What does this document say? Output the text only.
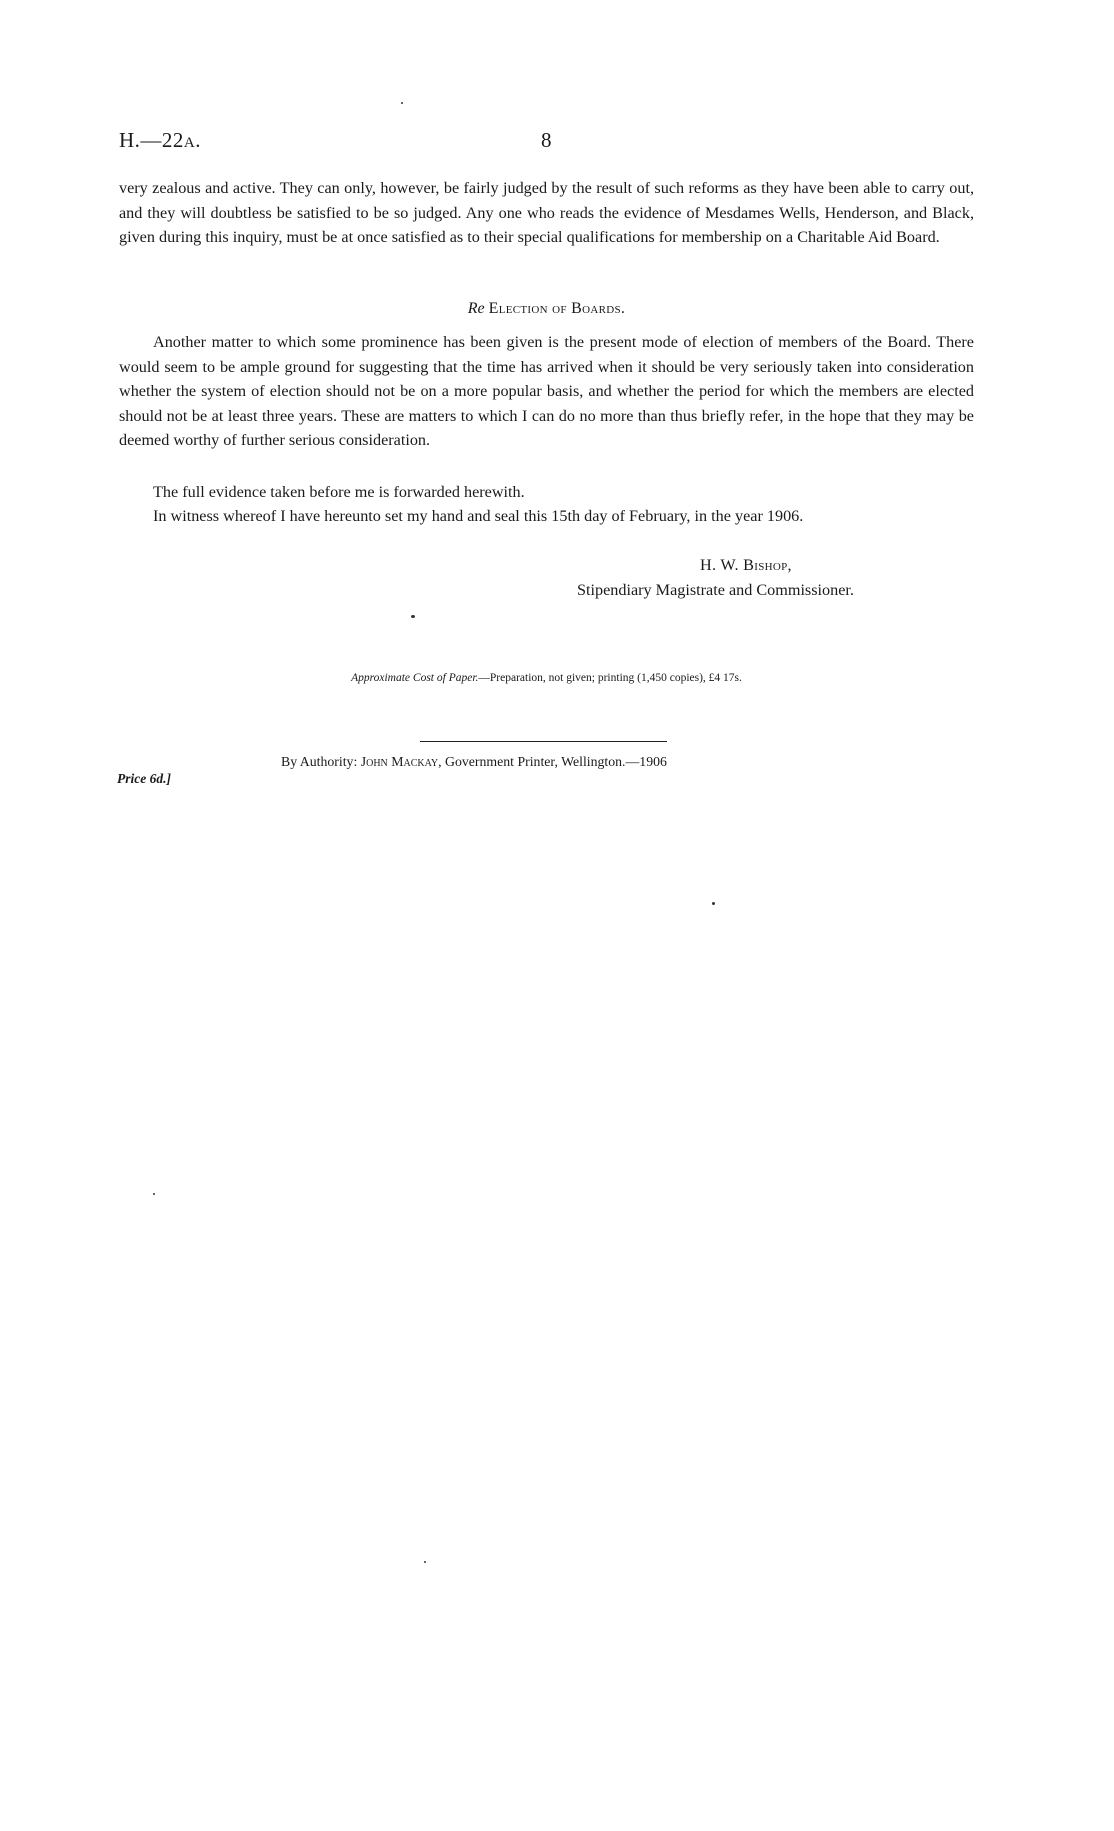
H.—22A.	8
very zealous and active. They can only, however, be fairly judged by the result of such reforms as they have been able to carry out, and they will doubtless be satisfied to be so judged. Any one who reads the evidence of Mesdames Wells, Henderson, and Black, given during this inquiry, must be at once satisfied as to their special qualifications for membership on a Charitable Aid Board.
Re Election of Boards.
Another matter to which some prominence has been given is the present mode of election of members of the Board. There would seem to be ample ground for suggesting that the time has arrived when it should be very seriously taken into consideration whether the system of election should not be on a more popular basis, and whether the period for which the members are elected should not be at least three years. These are matters to which I can do no more than thus briefly refer, in the hope that they may be deemed worthy of further serious consideration.
The full evidence taken before me is forwarded herewith.
In witness whereof I have hereunto set my hand and seal this 15th day of February, in the year 1906.
H. W. Bishop,
Stipendiary Magistrate and Commissioner.
Approximate Cost of Paper.—Preparation, not given; printing (1,450 copies), £4 17s.
Price 6d.]
By Authority: John Mackay, Government Printer, Wellington.—1906
